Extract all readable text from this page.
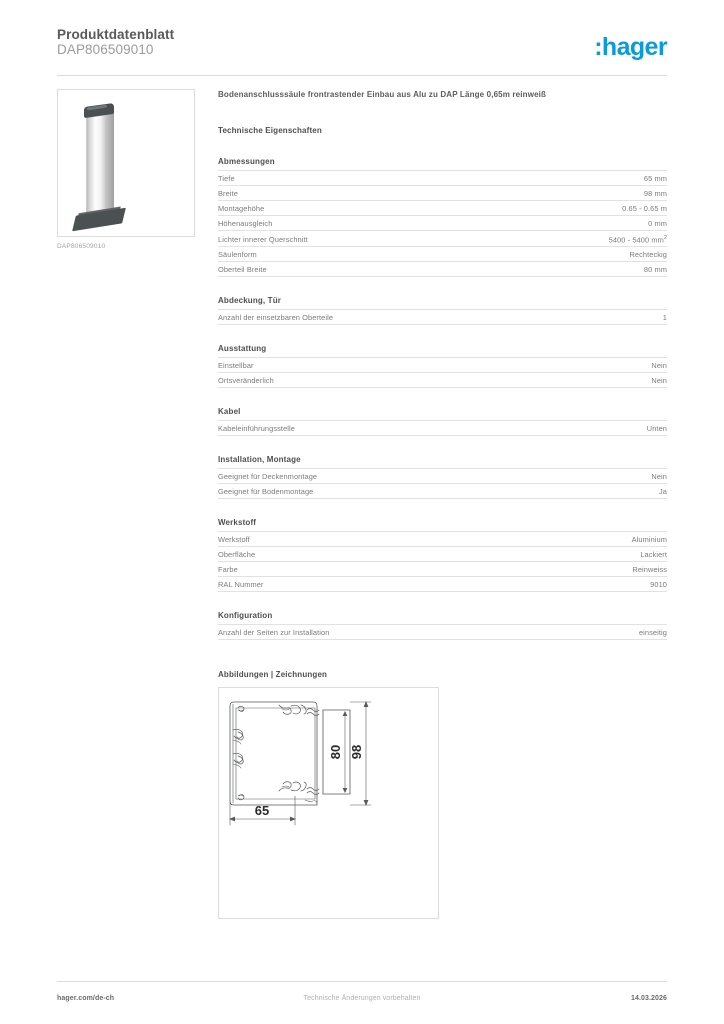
Produktdatenblatt
DAP806509010	:hager
DAP806509010
Bodenanschlusssäule frontrastender Einbau aus Alu zu DAP Länge 0,65m reinweiß
Technische Eigenschaften
Abmessungen
Tiefe	65 mm
Breite	98 mm
Montagehöhe	0.65 - 0.65 m
Höhenausgleich	0 mm
Lichter innerer Querschnitt	5400 - 5400 $mm^2$
Säulenform	Rechteckig
Oberteil Breite	80 mm
Abdeckung, Tür
Anzahl der einsetzbaren Oberteile	1
Ausstattung
Einstellbar	Nein
Ortsveränderlich	Nein
Kabel
Kabeleinführungsstelle	Unten
Installation, Montage
Geeignet für Deckenmontage	Nein
Geeignet für Bodenmontage	Ja
Werkstoff
Werkstoff	Aluminium
Oberfläche	Lackiert
Farbe	Reinweiss
RAL Nummer	9010
Konfiguration
Anzahl der Seiten zur Installation	einseitig
Abbildungen | Zeichnungen
80 98
65
hager.com/de-ch	Technische Änderungen vorbehalten	14.03.2026
